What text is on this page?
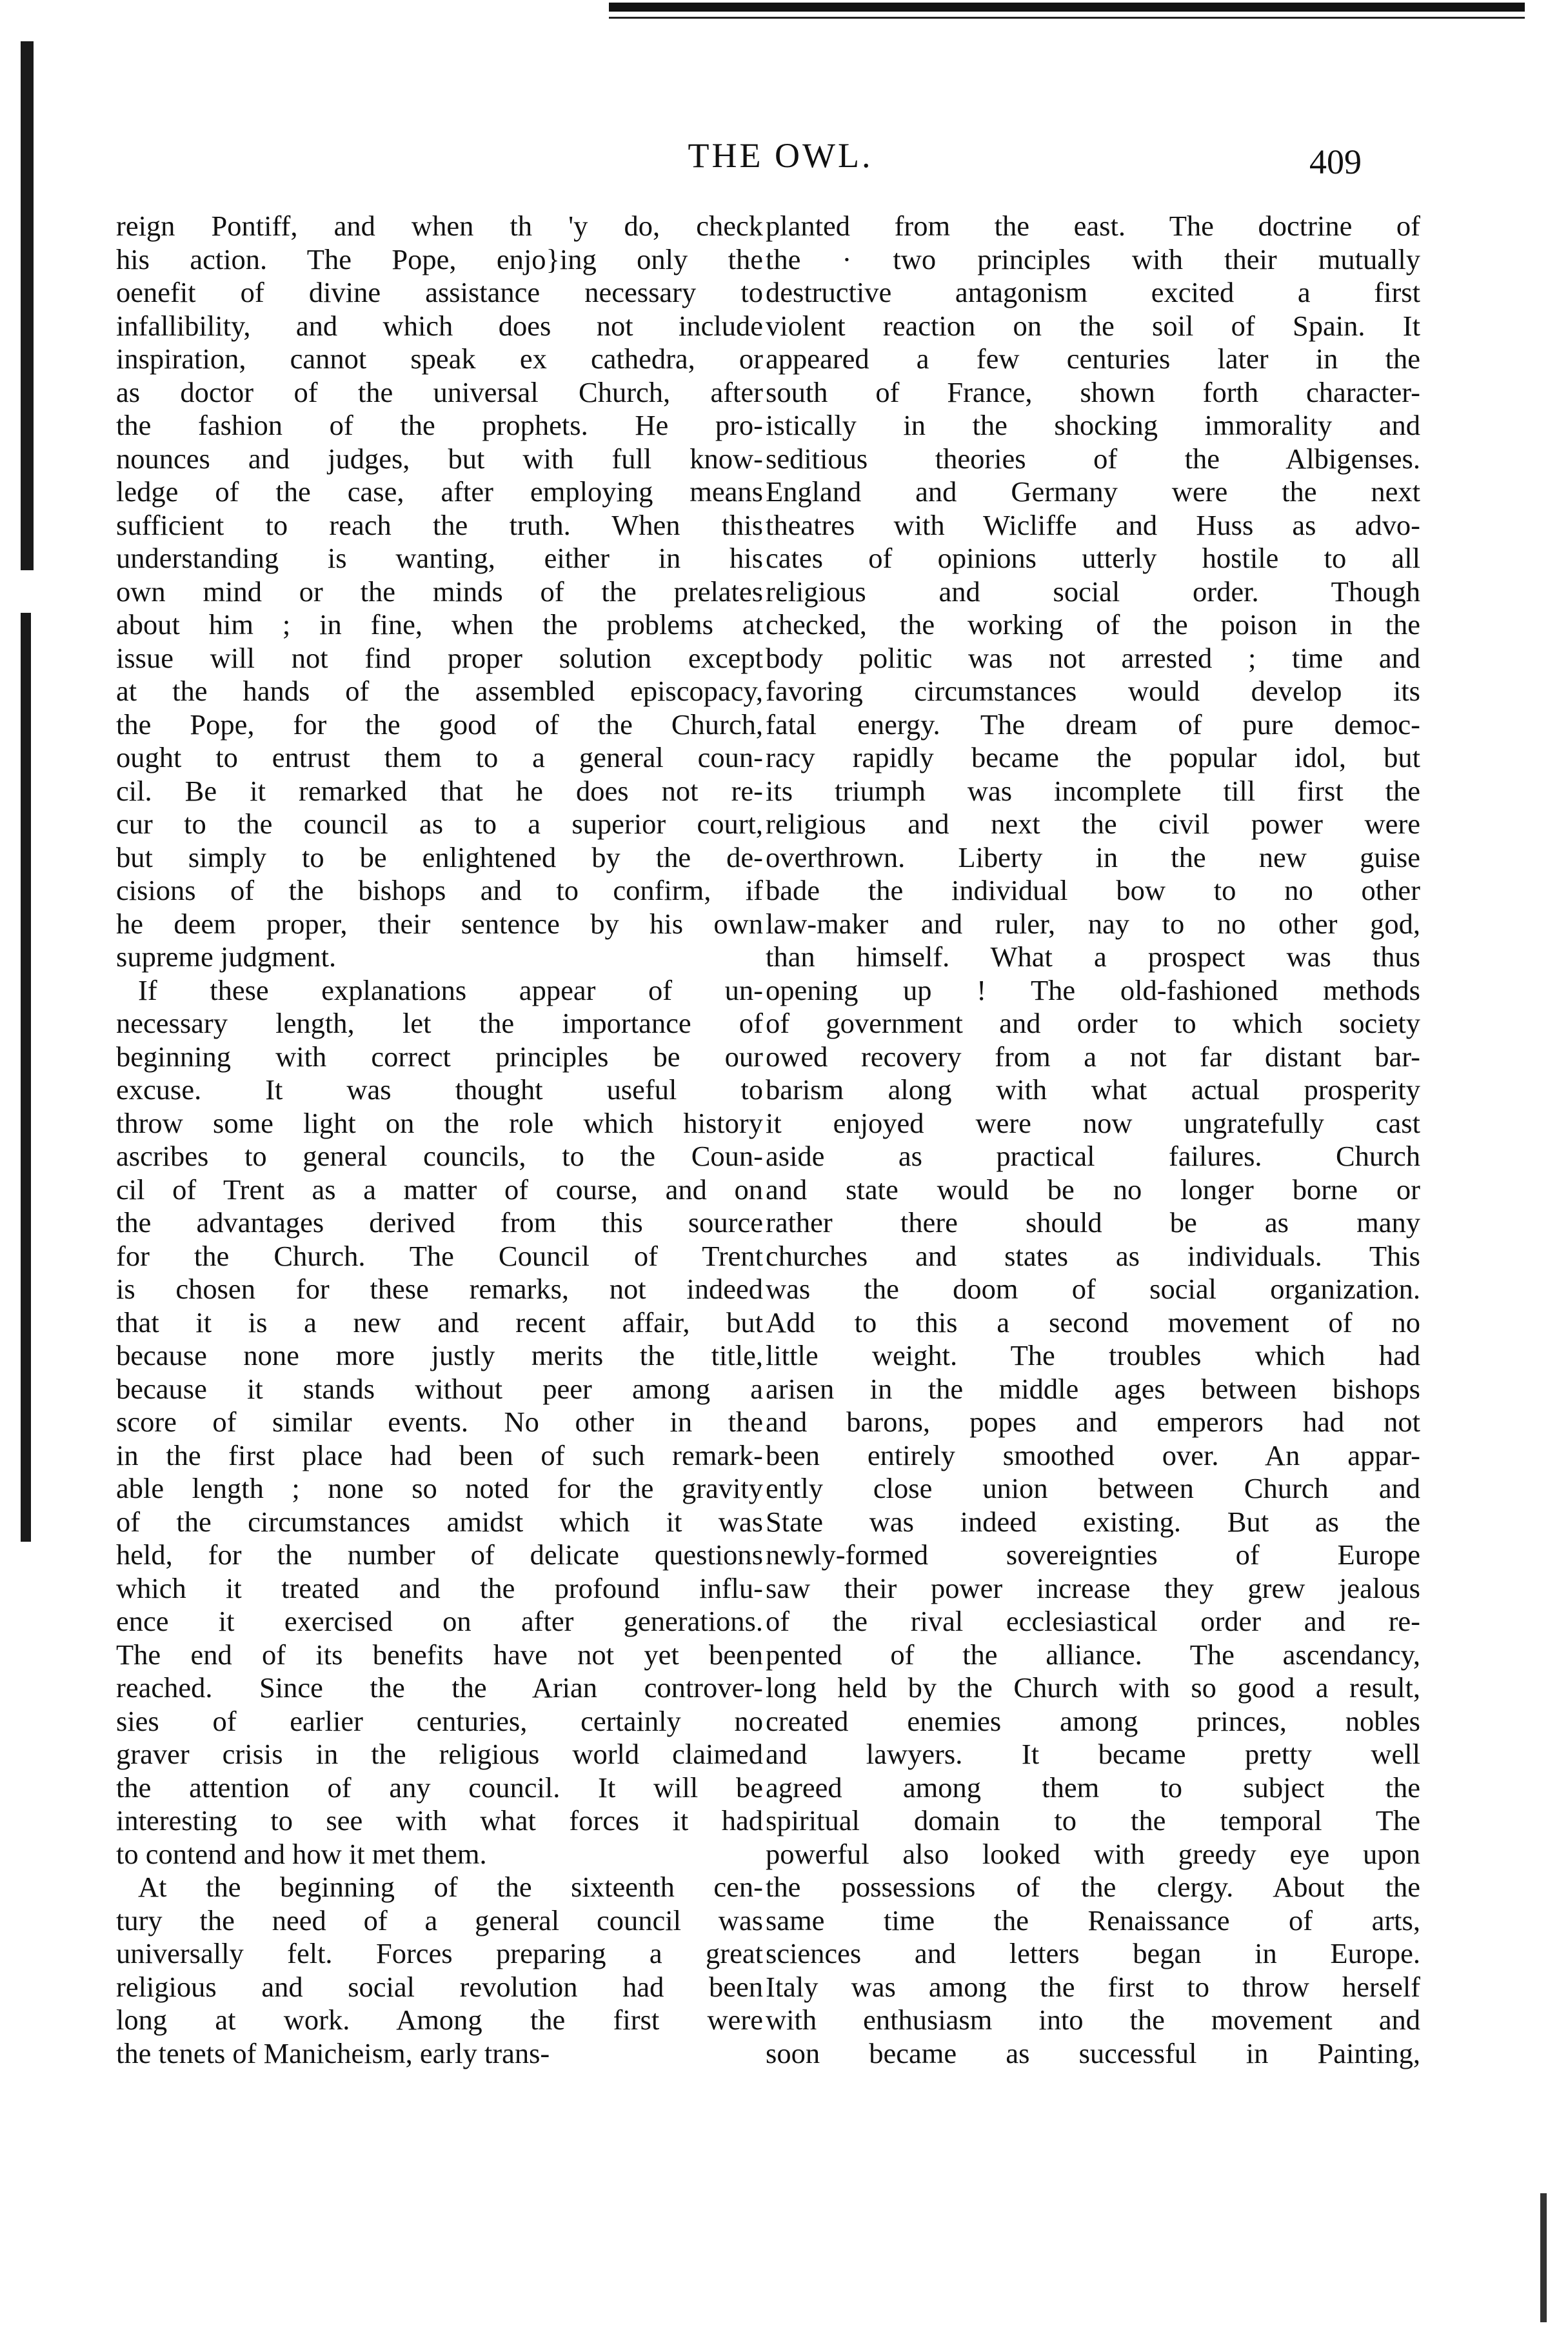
THE OWL.	409

reign Pontiff, and when th 'y do, check
his action. The Pope, enjo}ing only the
oenefit of divine assistance necessary to
infallibility, and which does not include
inspiration, cannot speak ex cathedra, or
as doctor of the universal Church, after
the fashion of the prophets. He pro-
nounces and judges, but with full know-
ledge of the case, after employing means
sufficient to reach the truth. When this
understanding is wanting, either in his
own mind or the minds of the prelates
about him ; in fine, when the problems at
issue will not find proper solution except
at the hands of the assembled episcopacy,
the Pope, for the good of the Church,
ought to entrust them to a general coun-
cil. Be it remarked that he does not re-
cur to the council as to a superior court,
but simply to be enlightened by the de-
cisions of the bishops and to confirm, if
he deem proper, their sentence by his own
supreme judgment.

If these explanations appear of un-
necessary length, let the importance of
beginning with correct principles be our
excuse. It was thought useful to
throw some light on the role which history
ascribes to general councils, to the Coun-
cil of Trent as a matter of course, and on
the advantages derived from this source
for the Church. The Council of Trent
is chosen for these remarks, not indeed
that it is a new and recent affair, but
because none more justly merits the title,
because it stands without peer among a
score of similar events. No other in the
in the first place had been of such remark-
able length ; none so noted for the gravity
of the circumstances amidst which it was
held, for the number of delicate questions
which it treated and the profound influ-
ence it exercised on after generations.
The end of its benefits have not yet been
reached. Since the the Arian controver-
sies of earlier centuries, certainly no
graver crisis in the religious world claimed
the attention of any council. It will be
interesting to see with what forces it had
to contend and how it met them.

At the beginning of the sixteenth cen-
tury the need of a general council was
universally felt. Forces preparing a great
religious and social revolution had been
long at work. Among the first were
the tenets of Manicheism, early trans-

planted from the east. The doctrine of
the · two principles with their mutually
destructive antagonism excited a first
violent reaction on the soil of Spain. It
appeared a few centuries later in the
south of France, shown forth character-
istically in the shocking immorality and
seditious theories of the Albigenses.
England and Germany were the next
theatres with Wicliffe and Huss as advo-
cates of opinions utterly hostile to all
religious and social order. Though
checked, the working of the poison in the
body politic was not arrested ; time and
favoring circumstances would develop its
fatal energy. The dream of pure democ-
racy rapidly became the popular idol, but
its triumph was incomplete till first the
religious and next the civil power were
overthrown. Liberty in the new guise
bade the individual bow to no other
law-maker and ruler, nay to no other god,
than himself. What a prospect was thus
opening up ! The old-fashioned methods
of government and order to which society
owed recovery from a not far distant bar-
barism along with what actual prosperity
it enjoyed were now ungratefully cast
aside as practical failures. Church
and state would be no longer borne or
rather there should be as many
churches and states as individuals. This
was the doom of social organization.
Add to this a second movement of no
little weight. The troubles which had
arisen in the middle ages between bishops
and barons, popes and emperors had not
been entirely smoothed over. An appar-
ently close union between Church and
State was indeed existing. But as the
newly-formed sovereignties of Europe
saw their power increase they grew jealous
of the rival ecclesiastical order and re-
pented of the alliance. The ascendancy,
long held by the Church with so good a result,
created enemies among princes, nobles
and lawyers. It became pretty well
agreed among them to subject the
spiritual domain to the temporal The
powerful also looked with greedy eye upon
the possessions of the clergy. About the
same time the Renaissance of arts,
sciences and letters began in Europe.
Italy was among the first to throw herself
with enthusiasm into the movement and
soon became as successful in Painting,
